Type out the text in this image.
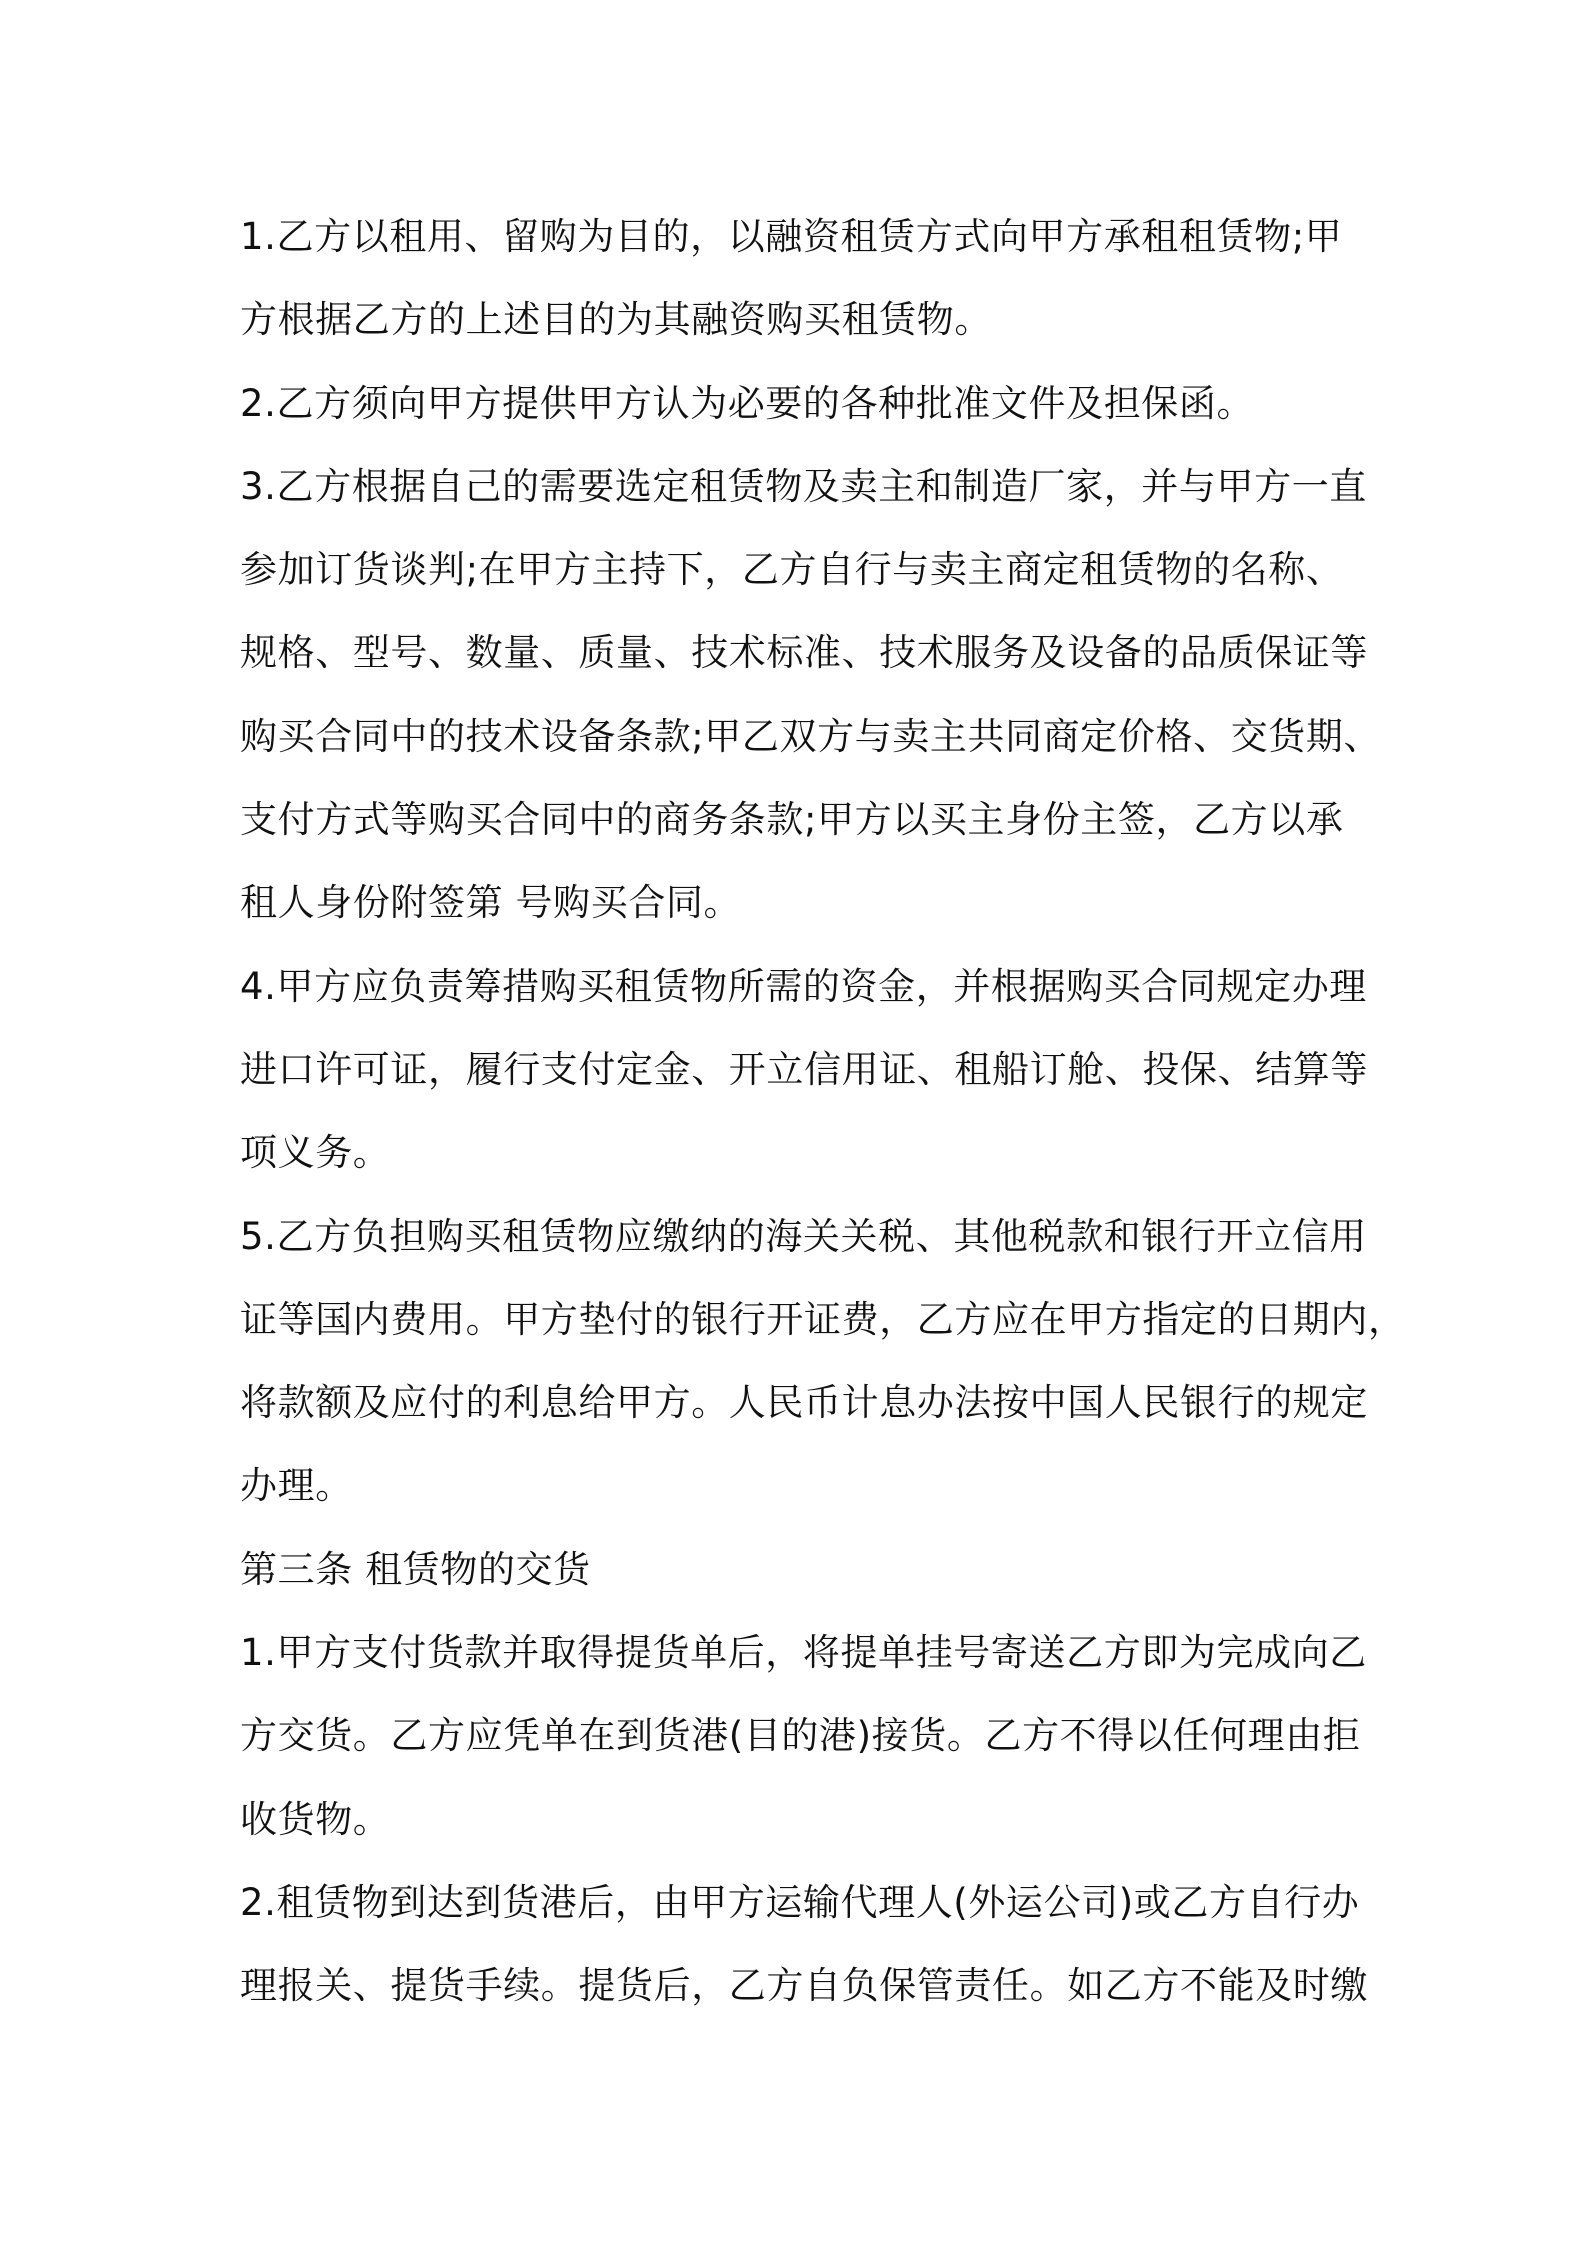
1.乙方以租用、留购为目的，以融资租赁方式向甲方承租租赁物;甲
方根据乙方的上述目的为其融资购买租赁物。
2.乙方须向甲方提供甲方认为必要的各种批准文件及担保函。
3.乙方根据自己的需要选定租赁物及卖主和制造厂家，并与甲方一直
参加订货谈判;在甲方主持下，乙方自行与卖主商定租赁物的名称、
规格、型号、数量、质量、技术标准、技术服务及设备的品质保证等
购买合同中的技术设备条款;甲乙双方与卖主共同商定价格、交货期、
支付方式等购买合同中的商务条款;甲方以买主身份主签，乙方以承
租人身份附签第 号购买合同。
4.甲方应负责筹措购买租赁物所需的资金，并根据购买合同规定办理
进口许可证，履行支付定金、开立信用证、租船订舱、投保、结算等
项义务。
5.乙方负担购买租赁物应缴纳的海关关税、其他税款和银行开立信用
证等国内费用。甲方垫付的银行开证费，乙方应在甲方指定的日期内，
将款额及应付的利息给甲方。人民币计息办法按中国人民银行的规定
办理。
第三条 租赁物的交货
1.甲方支付货款并取得提货单后，将提单挂号寄送乙方即为完成向乙
方交货。乙方应凭单在到货港(目的港)接货。乙方不得以任何理由拒
收货物。
2.租赁物到达到货港后，由甲方运输代理人(外运公司)或乙方自行办
理报关、提货手续。提货后，乙方自负保管责任。如乙方不能及时缴
